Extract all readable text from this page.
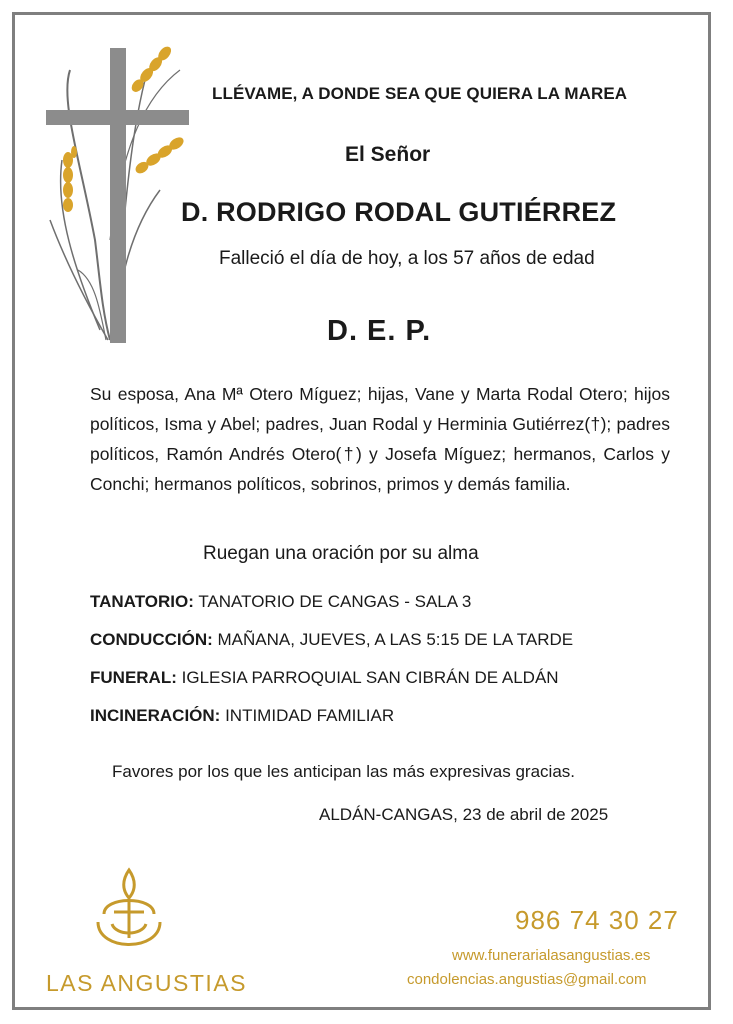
LLÉVAME, A DONDE SEA QUE QUIERA LA MAREA
El Señor
D. RODRIGO RODAL GUTIÉRREZ
Falleció el día de hoy, a los 57 años de edad
D. E. P.
Su esposa, Ana Mª Otero Míguez; hijas, Vane y Marta Rodal Otero; hijos políticos, Isma y Abel; padres, Juan Rodal y Herminia Gutiérrez(†); padres políticos, Ramón Andrés Otero(†) y Josefa Míguez; hermanos, Carlos y Conchi; hermanos políticos, sobrinos, primos y demás familia.
Ruegan una oración por su alma
TANATORIO: TANATORIO DE CANGAS - SALA 3
CONDUCCIÓN: MAÑANA, JUEVES, A LAS 5:15 DE LA TARDE
FUNERAL: IGLESIA PARROQUIAL SAN CIBRÁN DE ALDÁN
INCINERACIÓN: INTIMIDAD FAMILIAR
Favores por los que les anticipan las más expresivas gracias.
ALDÁN-CANGAS, 23 de abril de 2025
LAS ANGUSTIAS
986 74 30 27
www.funerarialasangustias.es
condolencias.angustias@gmail.com
